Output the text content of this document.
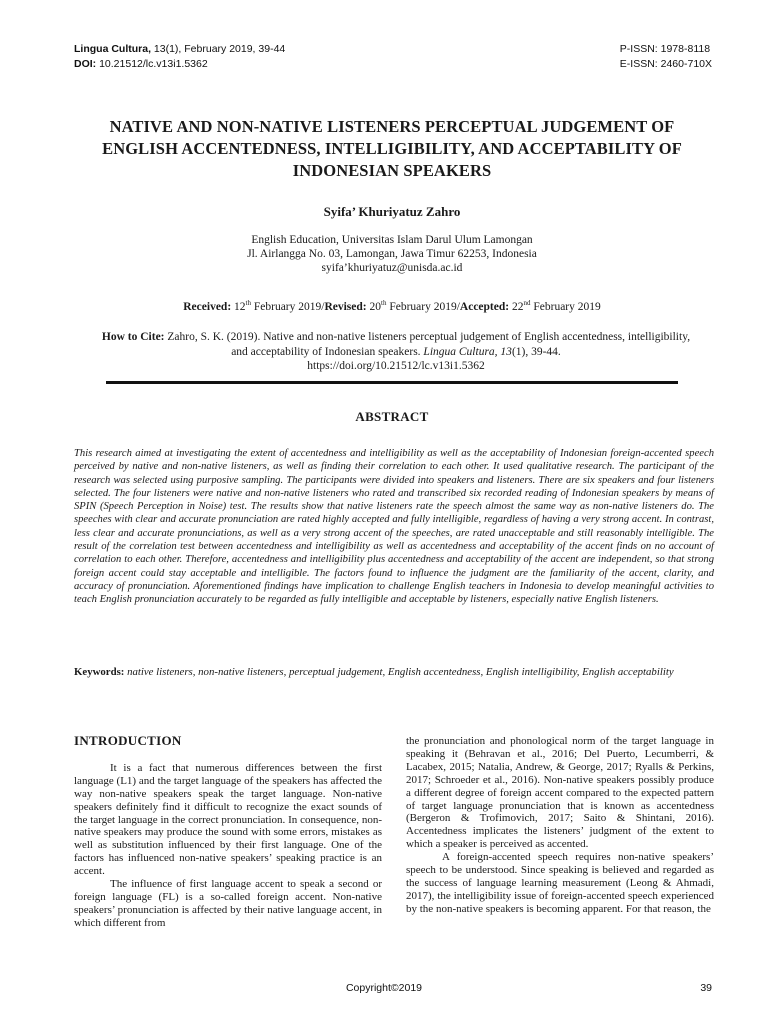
Lingua Cultura, 13(1), February 2019, 39-44
DOI: 10.21512/lc.v13i1.5362
P-ISSN: 1978-8118
E-ISSN: 2460-710X
NATIVE AND NON-NATIVE LISTENERS PERCEPTUAL JUDGEMENT OF ENGLISH ACCENTEDNESS, INTELLIGIBILITY, AND ACCEPTABILITY OF INDONESIAN SPEAKERS
Syifa’ Khuriyatuz Zahro
English Education, Universitas Islam Darul Ulum Lamongan
Jl. Airlangga No. 03, Lamongan, Jawa Timur 62253, Indonesia
syifa’khuriyatuz@unisda.ac.id
Received: 12th February 2019/Revised: 20th February 2019/Accepted: 22nd February 2019
How to Cite: Zahro, S. K. (2019). Native and non-native listeners perceptual judgement of English accentedness, intelligibility, and acceptability of Indonesian speakers. Lingua Cultura, 13(1), 39-44.
https://doi.org/10.21512/lc.v13i1.5362
ABSTRACT

This research aimed at investigating the extent of accentedness and intelligibility as well as the acceptability of Indonesian foreign-accented speech perceived by native and non-native listeners, as well as finding their correlation to each other. It used qualitative research. The participant of the research was selected using purposive sampling. The participants were divided into speakers and listeners. There are six speakers and four listeners selected. The four listeners were native and non-native listeners who rated and transcribed six recorded reading of Indonesian speakers by means of SPIN (Speech Perception in Noise) test. The results show that native listeners rate the speech almost the same way as non-native listeners do. The speeches with clear and accurate pronunciation are rated highly accepted and fully intelligible, regardless of having a very strong accent. In contrast, less clear and accurate pronunciations, as well as a very strong accent of the speeches, are rated unacceptable and still reasonably intelligible. The result of the correlation test between accentedness and intelligibility as well as accentedness and acceptability of the accent finds on no account of correlation to each other. Therefore, accentedness and intelligibility plus accentedness and acceptability of the accent are independent, so that strong foreign accent could stay acceptable and intelligible. The factors found to influence the judgment are the familiarity of the accent, clarity, and accuracy of pronunciation. Aforementioned findings have implication to challenge English teachers in Indonesia to develop meaningful activities to teach English pronunciation accurately to be regarded as fully intelligible and acceptable by listeners, especially native English listeners.

Keywords: native listeners, non-native listeners, perceptual judgement, English accentedness, English intelligibility, English acceptability

INTRODUCTION

It is a fact that numerous differences between the first language (L1) and the target language of the speakers has affected the way non-native speakers speak the target language. Non-native speakers definitely find it difficult to recognize the exact sounds of the target language in the correct pronunciation. In consequence, non-native speakers may produce the sound with some errors, mistakes as well as substitution influenced by their first language. One of the factors has influenced non-native speakers’ speaking practice is an accent.

The influence of first language accent to speak a second or foreign language (FL) is a so-called foreign accent. Non-native speakers’ pronunciation is affected by their native language accent, in which different from

the pronunciation and phonological norm of the target language in speaking it (Behravan et al., 2016; Del Puerto, Lecumberri, & Lacabex, 2015; Natalia, Andrew, & George, 2017; Ryalls & Perkins, 2017; Schroeder et al., 2016). Non-native speakers possibly produce a different degree of foreign accent compared to the expected pattern of target language pronunciation that is known as accentedness (Bergeron & Trofimovich, 2017; Saito & Shintani, 2016). Accentedness implicates the listeners’ judgment of the extent to which a speaker is perceived as accented.

A foreign-accented speech requires non-native speakers’ speech to be understood. Since speaking is believed and regarded as the success of language learning measurement (Leong & Ahmadi, 2017), the intelligibility issue of foreign-accented speech experienced by the non-native speakers is becoming apparent. For that reason, the

Copyright©2019	39
